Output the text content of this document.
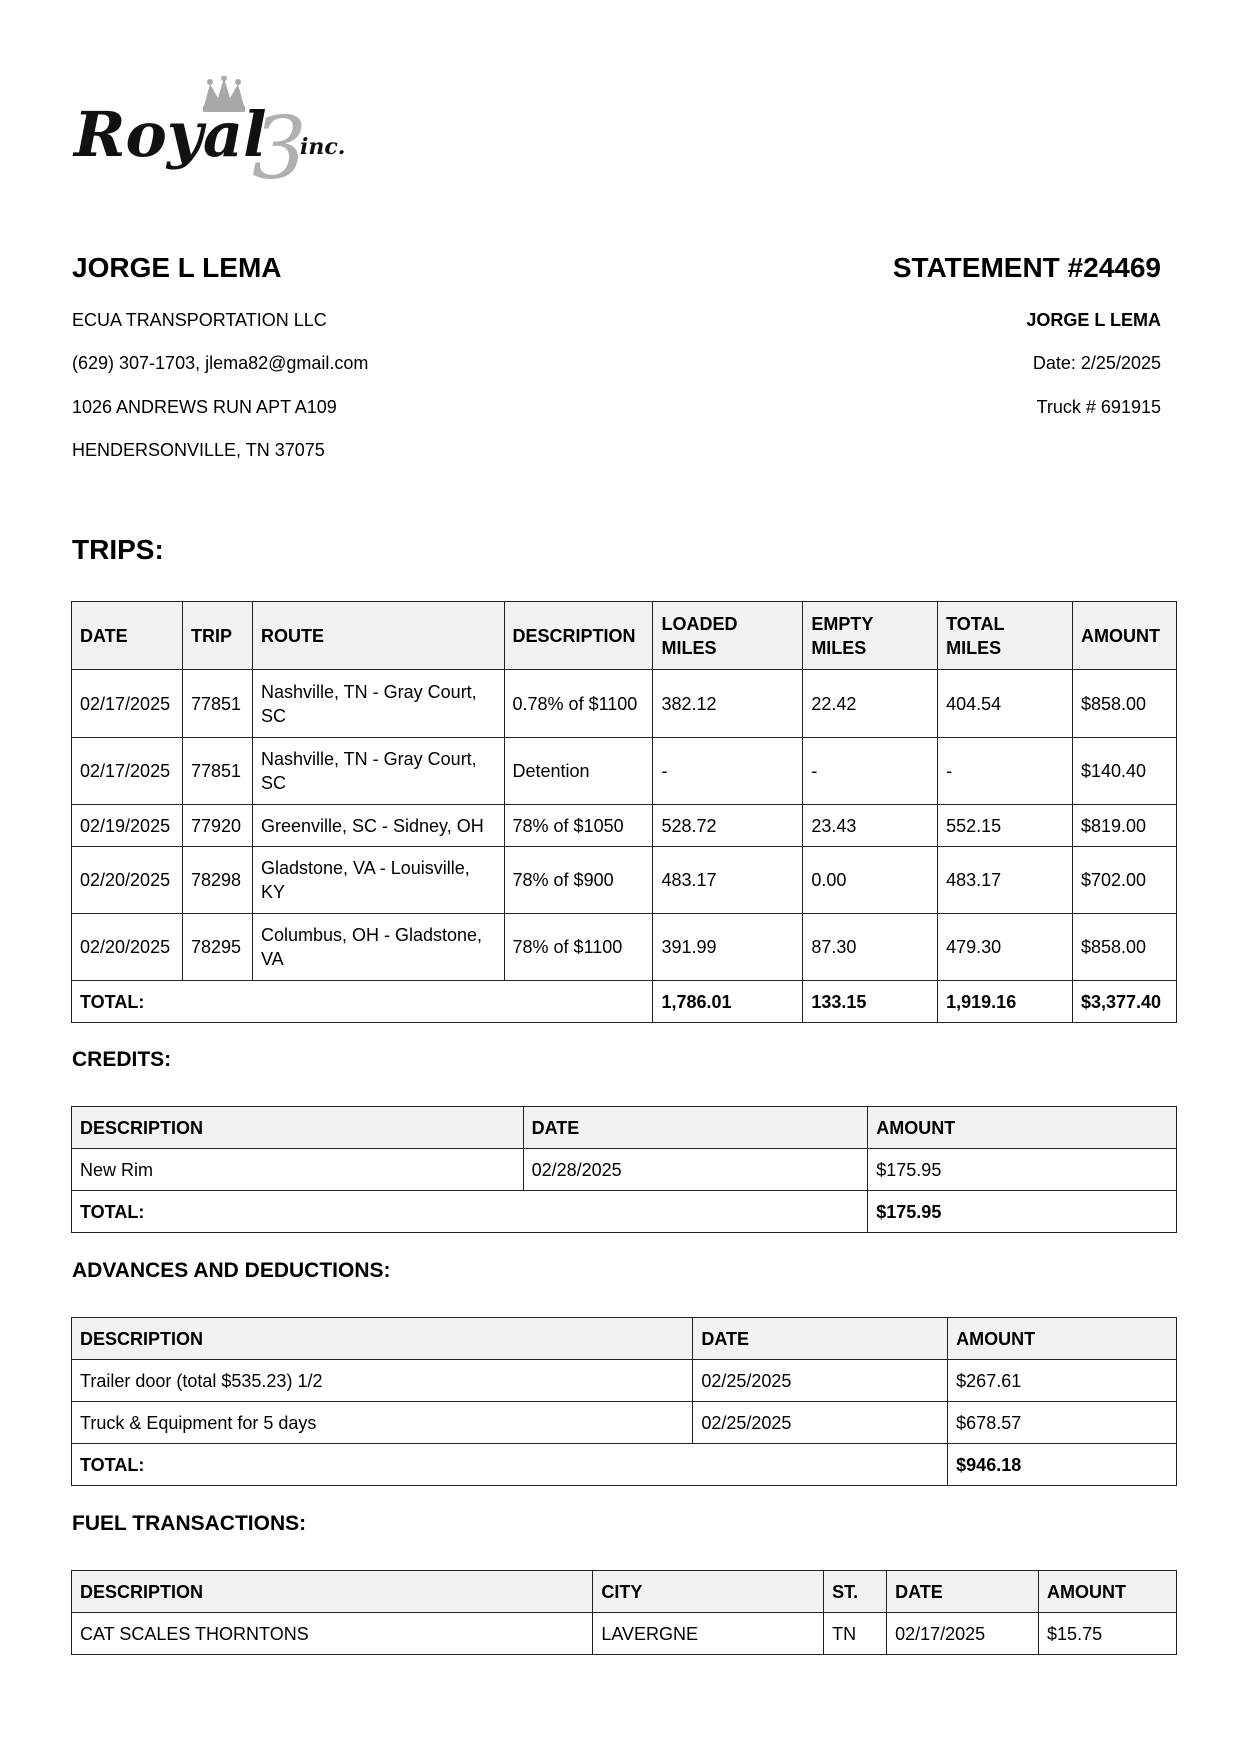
3
Royal inc.
JORGE L LEMA	STATEMENT #24469
ECUA TRANSPORTATION LLC
(629) 307-1703, jlema82@gmail.com
1026 ANDREWS RUN APT A109
HENDERSONVILLE, TN 37075
JORGE L LEMA
Date: 2/25/2025
Truck # 691915
TRIPS:
DATE	TRIP	ROUTE	DESCRIPTION	LOADED MILES	EMPTY MILES	TOTAL MILES	AMOUNT
02/17/2025	77851	Nashville, TN - Gray Court, SC	0.78% of $1100	382.12	22.42	404.54	$858.00
02/17/2025	77851	Nashville, TN - Gray Court, SC	Detention	-	-	-	$140.40
02/19/2025	77920	Greenville, SC - Sidney, OH	78% of $1050	528.72	23.43	552.15	$819.00
02/20/2025	78298	Gladstone, VA - Louisville, KY	78% of $900	483.17	0.00	483.17	$702.00
02/20/2025	78295	Columbus, OH - Gladstone, VA	78% of $1100	391.99	87.30	479.30	$858.00
TOTAL:				1,786.01	133.15	1,919.16	$3,377.40
CREDITS:
DESCRIPTION	DATE	AMOUNT
New Rim	02/28/2025	$175.95
TOTAL:		$175.95
ADVANCES AND DEDUCTIONS:
DESCRIPTION	DATE	AMOUNT
Trailer door (total $535.23) 1/2	02/25/2025	$267.61
Truck & Equipment for 5 days	02/25/2025	$678.57
TOTAL:		$946.18
FUEL TRANSACTIONS:
DESCRIPTION	CITY	ST.	DATE	AMOUNT
CAT SCALES THORNTONS	LAVERGNE	TN	02/17/2025	$15.75
